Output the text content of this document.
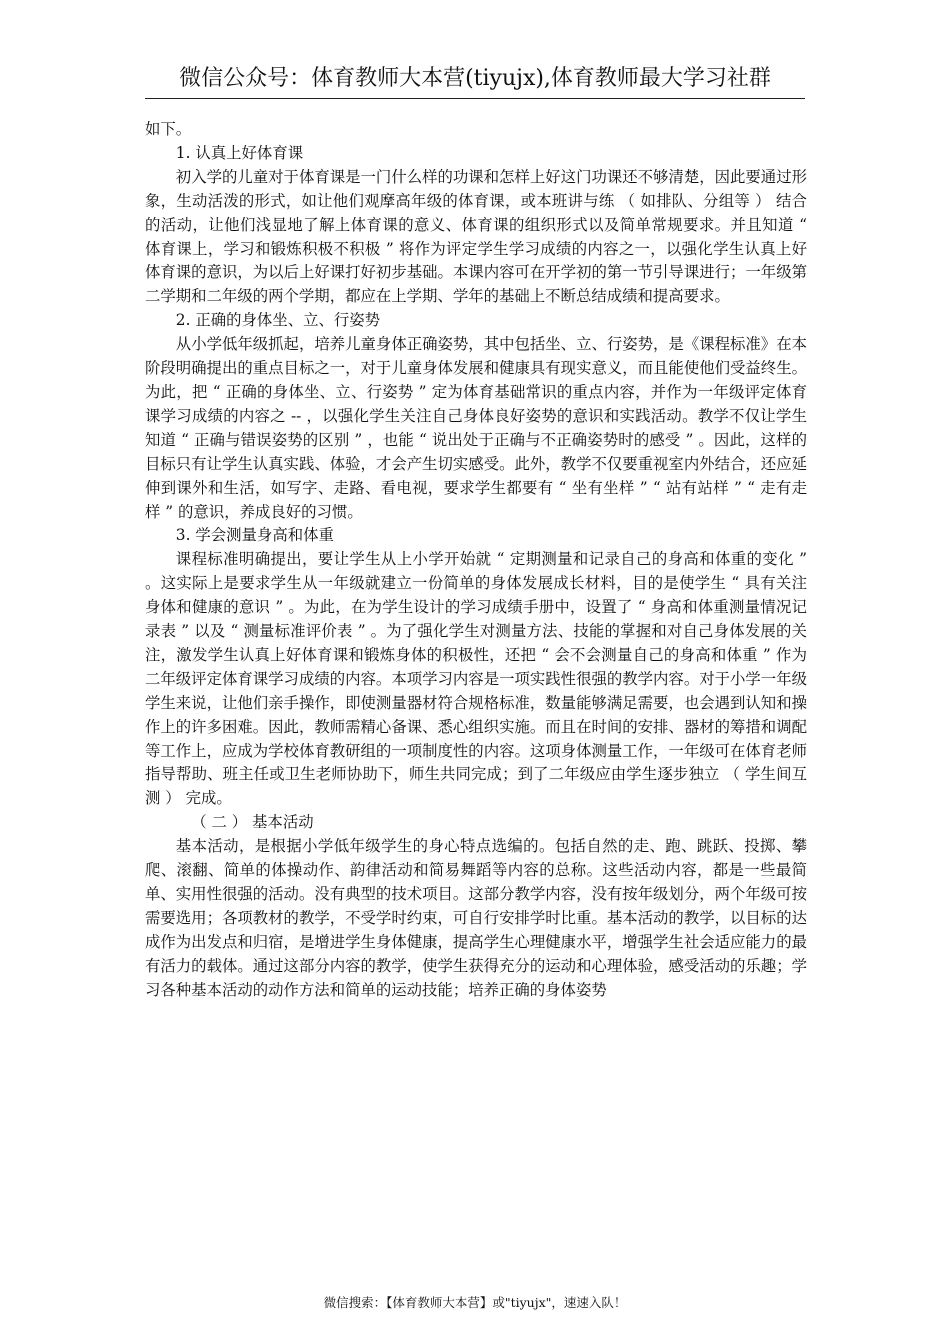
微信公众号：体育教师大本营(tiyujx),体育教师最大学习社群

如下。

1. 认真上好体育课

初入学的儿童对于体育课是一门什么样的功课和怎样上好这门功课还不够清楚，因此要通过形象，生动活泼的形式，如让他们观摩高年级的体育课，或本班讲与练 （ 如排队、分组等 ） 结合的活动，让他们浅显地了解上体育课的意义、体育课的组织形式以及简单常规要求。并且知道 “ 体育课上，学习和锻炼积极不积极 ” 将作为评定学生学习成绩的内容之一，以强化学生认真上好体育课的意识，为以后上好课打好初步基础。本课内容可在开学初的第一节引导课进行；一年级第二学期和二年级的两个学期，都应在上学期、学年的基础上不断总结成绩和提高要求。

2. 正确的身体坐、立、行姿势

从小学低年级抓起，培养儿童身体正确姿势，其中包括坐、立、行姿势，是《课程标准》在本阶段明确提出的重点目标之一，对于儿童身体发展和健康具有现实意义，而且能使他们受益终生。为此，把 “ 正确的身体坐、立、行姿势 ” 定为体育基础常识的重点内容，并作为一年级评定体育课学习成绩的内容之 -- ，以强化学生关注自己身体良好姿势的意识和实践活动。教学不仅让学生知道 “ 正确与错误姿势的区别 ” ，也能 “ 说出处于正确与不正确姿势时的感受 ” 。因此，这样的目标只有让学生认真实践、体验，才会产生切实感受。此外，教学不仅要重视室内外结合，还应延伸到课外和生活，如写字、走路、看电视，要求学生都要有 “ 坐有坐样 ” “ 站有站样 ” “ 走有走样 ” 的意识，养成良好的习惯。

3. 学会测量身高和体重

课程标准明确提出，要让学生从上小学开始就 “ 定期测量和记录自己的身高和体重的变化 ” 。这实际上是要求学生从一年级就建立一份简单的身体发展成长材料，目的是使学生 “ 具有关注身体和健康的意识 ” 。为此，在为学生设计的学习成绩手册中，设置了 “ 身高和体重测量情况记录表 ” 以及 “ 测量标准评价表 ” 。为了强化学生对测量方法、技能的掌握和对自己身体发展的关注，激发学生认真上好体育课和锻炼身体的积极性，还把 “ 会不会测量自己的身高和体重 ” 作为二年级评定体育课学习成绩的内容。本项学习内容是一项实践性很强的教学内容。对于小学一年级学生来说，让他们亲手操作，即使测量器材符合规格标准，数量能够满足需要，也会遇到认知和操作上的许多困难。因此，教师需精心备课、悉心组织实施。而且在时间的安排、器材的筹措和调配等工作上，应成为学校体育教研组的一项制度性的内容。这项身体测量工作，一年级可在体育老师指导帮助、班主任或卫生老师协助下，师生共同完成；到了二年级应由学生逐步独立 （ 学生间互测 ） 完成。

（ 二 ） 基本活动

基本活动，是根据小学低年级学生的身心特点选编的。包括自然的走、跑、跳跃、投掷、攀爬、滚翻、简单的体操动作、韵律活动和简易舞蹈等内容的总称。这些活动内容，都是一些最简单、实用性很强的活动。没有典型的技术项目。这部分教学内容，没有按年级划分，两个年级可按需要选用；各项教材的教学，不受学时约束，可自行安排学时比重。基本活动的教学，以目标的达成作为出发点和归宿，是增进学生身体健康，提高学生心理健康水平，增强学生社会适应能力的最有活力的载体。通过这部分内容的教学，使学生获得充分的运动和心理体验，感受活动的乐趣；学习各种基本活动的动作方法和简单的运动技能；培养正确的身体姿势

微信搜索：【体育教师大本营】或"tiyujx"，速速入队！
